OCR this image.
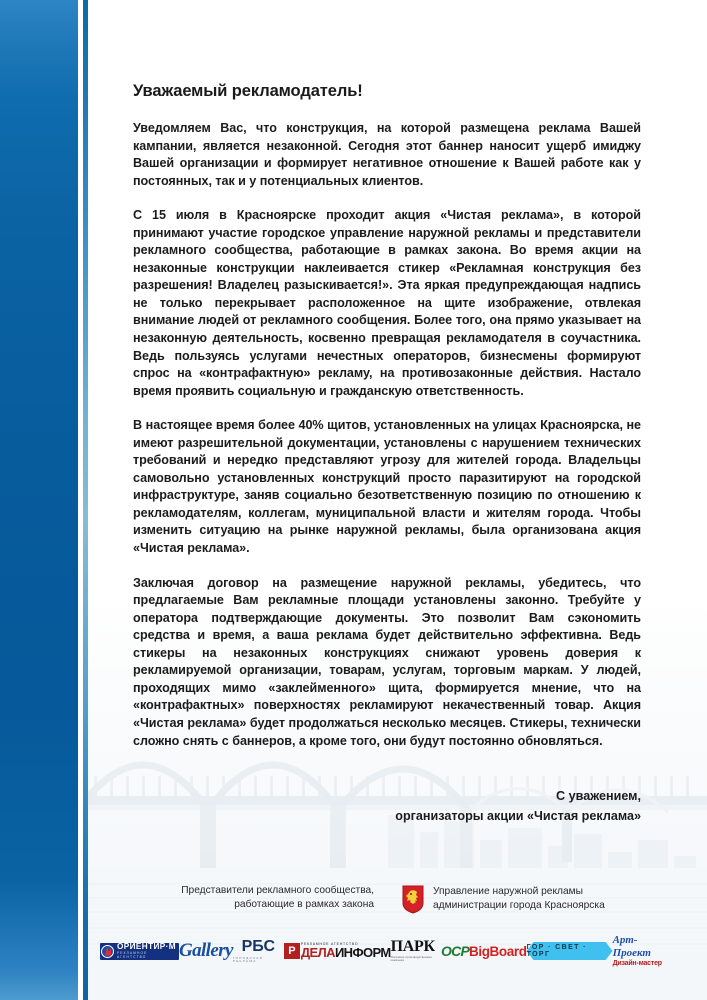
Уважаемый рекламодатель!

Уведомляем Вас, что конструкция, на которой размещена реклама Вашей кампании, является незаконной. Сегодня этот баннер наносит ущерб имиджу Вашей организации и формирует негативное отношение к Вашей работе как у постоянных, так и у потенциальных клиентов.

С 15 июля в Красноярске проходит акция «Чистая реклама», в которой принимают участие городское управление наружной рекламы и представители рекламного сообщества, работающие в рамках закона. Во время акции на незаконные конструкции наклеивается стикер «Рекламная конструкция без разрешения! Владелец разыскивается!». Эта яркая предупреждающая надпись не только перекрывает расположенное на щите изображение, отвлекая внимание людей от рекламного сообщения. Более того, она прямо указывает на незаконную деятельность, косвенно превращая рекламодателя в соучастника. Ведь пользуясь услугами нечестных операторов, бизнесмены формируют спрос на «контрафактную» рекламу, на противозаконные действия. Настало время проявить социальную и гражданскую ответственность.

В настоящее время более 40% щитов, установленных на улицах Красноярска, не имеют разрешительной документации, установлены с нарушением технических требований и нередко представляют угрозу для жителей города. Владельцы самовольно установленных конструкций просто паразитируют на городской инфраструктуре, заняв социально безответственную позицию по отношению к рекламодателям, коллегам, муниципальной власти и жителям города. Чтобы изменить ситуацию на рынке наружной рекламы, была организована акция «Чистая реклама».

Заключая договор на размещение наружной рекламы, убедитесь, что предлагаемые Вам рекламные площади установлены законно. Требуйте у оператора подтверждающие документы. Это позволит Вам сэкономить средства и время, а ваша реклама будет действительно эффективна. Ведь стикеры на незаконных конструкциях снижают уровень доверия к рекламируемой организации, товарам, услугам, торговым маркам. У людей, проходящих мимо «заклейменного» щита, формируется мнение, что на «контрафактных» поверхностях рекламируют некачественный товар. Акция «Чистая реклама» будет продолжаться несколько месяцев. Стикеры, технически сложно снять с баннеров, а кроме того, они будут постоянно обновляться.

С уважением,
организаторы акции «Чистая реклама»
Представители рекламного сообщества,
работающие в рамках закона
Управление наружной рекламы
администрации города Красноярска
ОРИЕНТИР·М
РЕКЛАМНОЕ АГЕНТСТВО	Gallery РБС
ГОРОДСКАЯ РЕКЛАМА
Р
РЕКЛАМНОЕ АГЕНТСТВО
ДЕЛАИНФОРМ ПАРК
Рекламно-производственная компания
ОСР BigBoard ГОР · СВЕТ · ТОРГ
Арт-Проект
Дизайн-мастер
